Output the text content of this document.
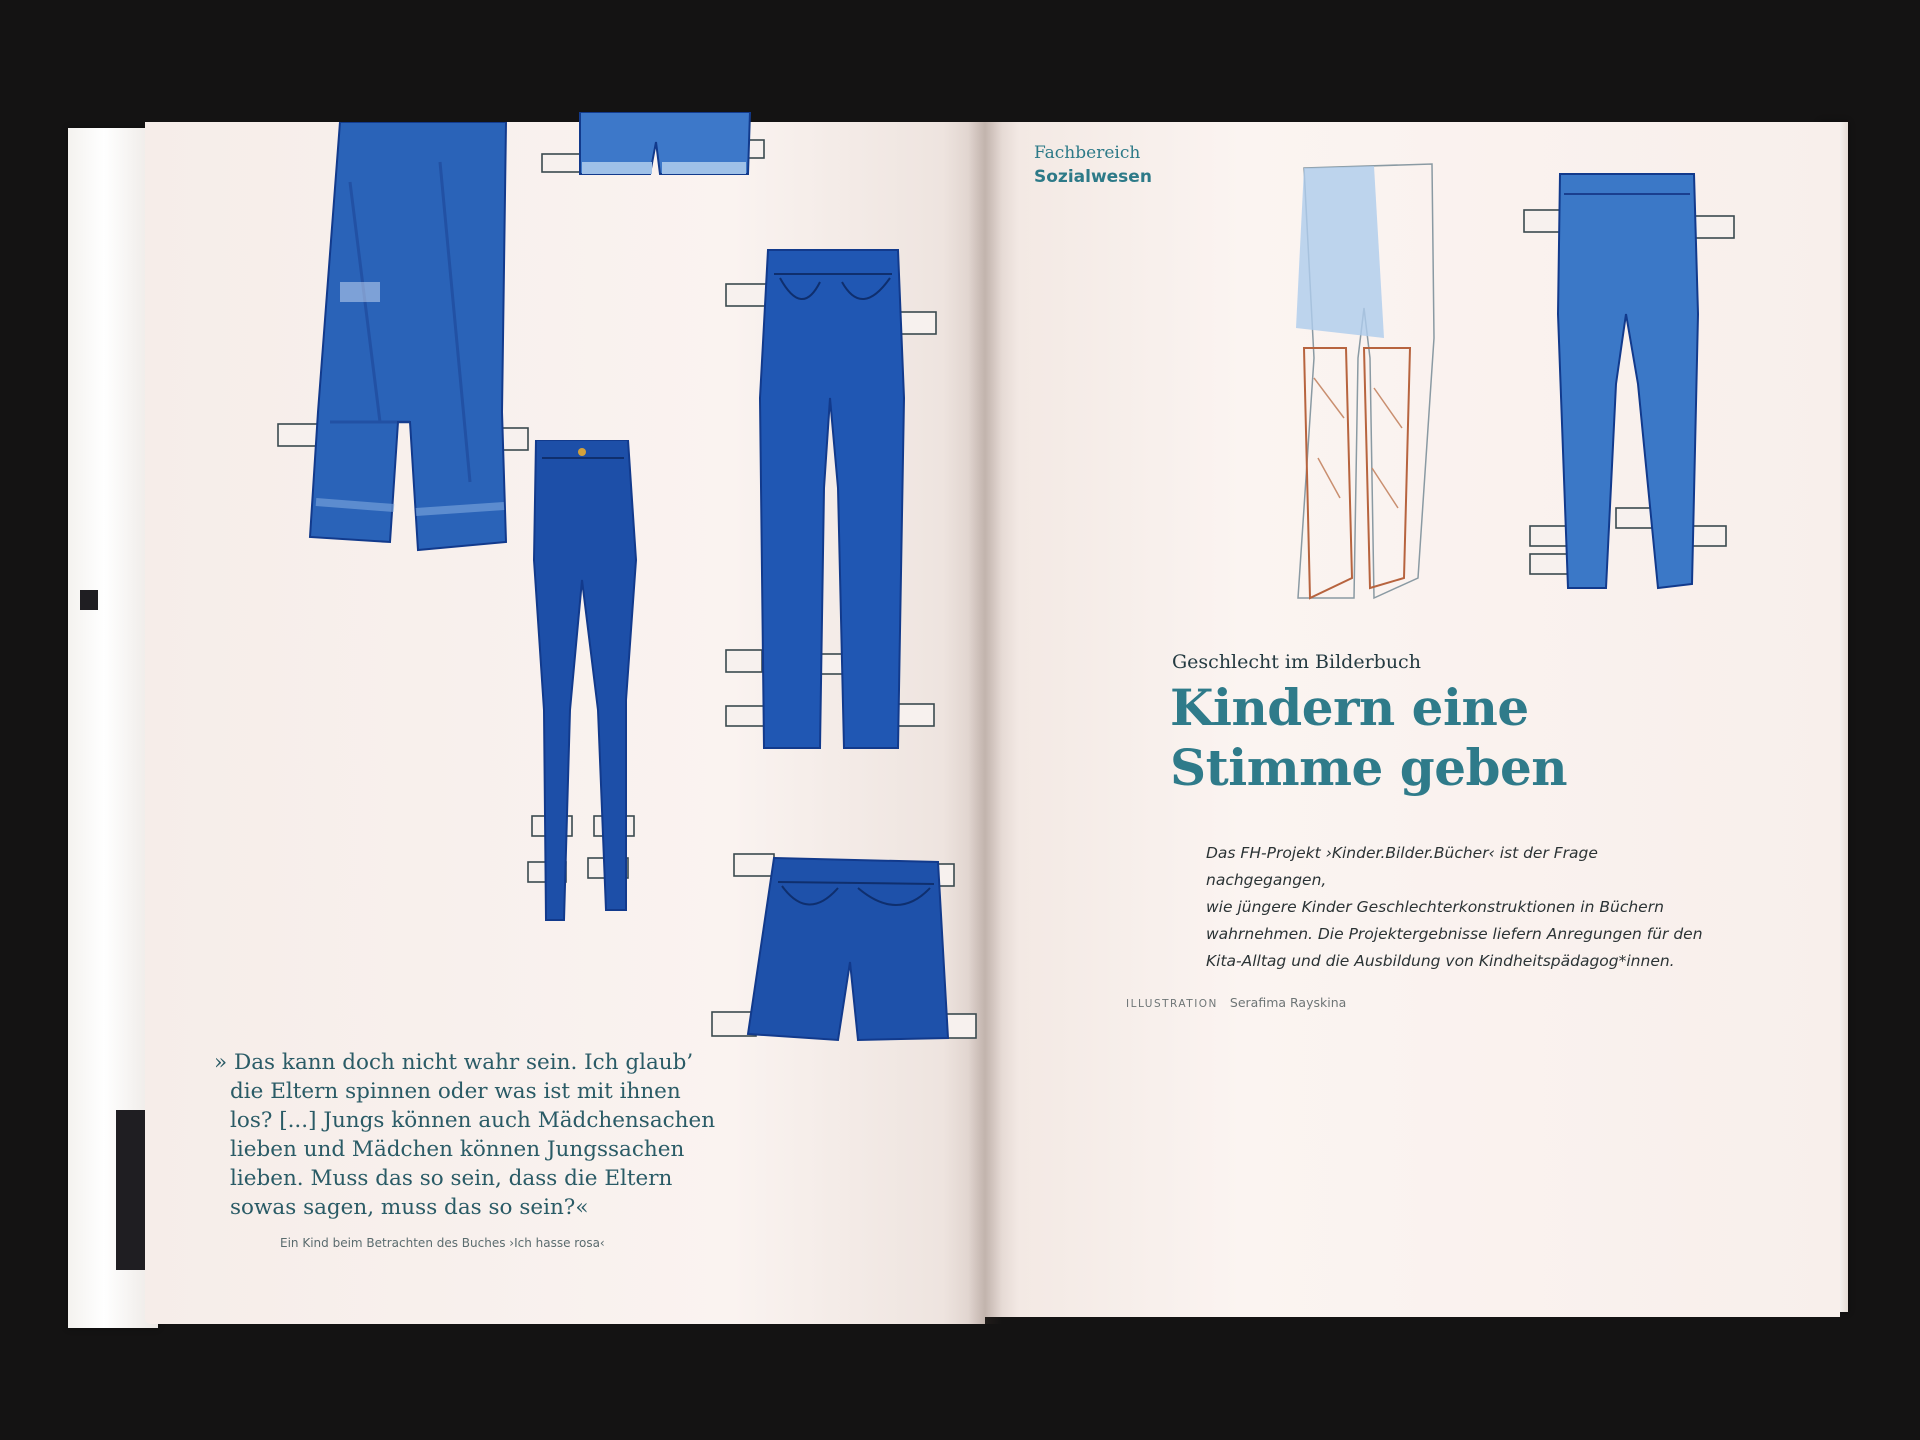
Fachbereich
Sozialwesen
Geschlecht im Bilderbuch
Kindern eine
Stimme geben

Das FH-Projekt ›Kinder.Bilder.Bücher‹ ist der Frage nachgegangen,
wie jüngere Kinder Geschlechterkonstruktionen in Büchern
wahrnehmen. Die Projektergebnisse liefern Anregungen für den
Kita-Alltag und die Ausbildung von Kindheitspädagog*innen.

ILLUSTRATION Serafima Rayskina

» Das kann doch nicht wahr sein. Ich glaub’
die Eltern spinnen oder was ist mit ihnen
los? [...] Jungs können auch Mädchensachen
lieben und Mädchen können Jungssachen
lieben. Muss das so sein, dass die Eltern
sowas sagen, muss das so sein?«

Ein Kind beim Betrachten des Buches ›Ich hasse rosa‹
